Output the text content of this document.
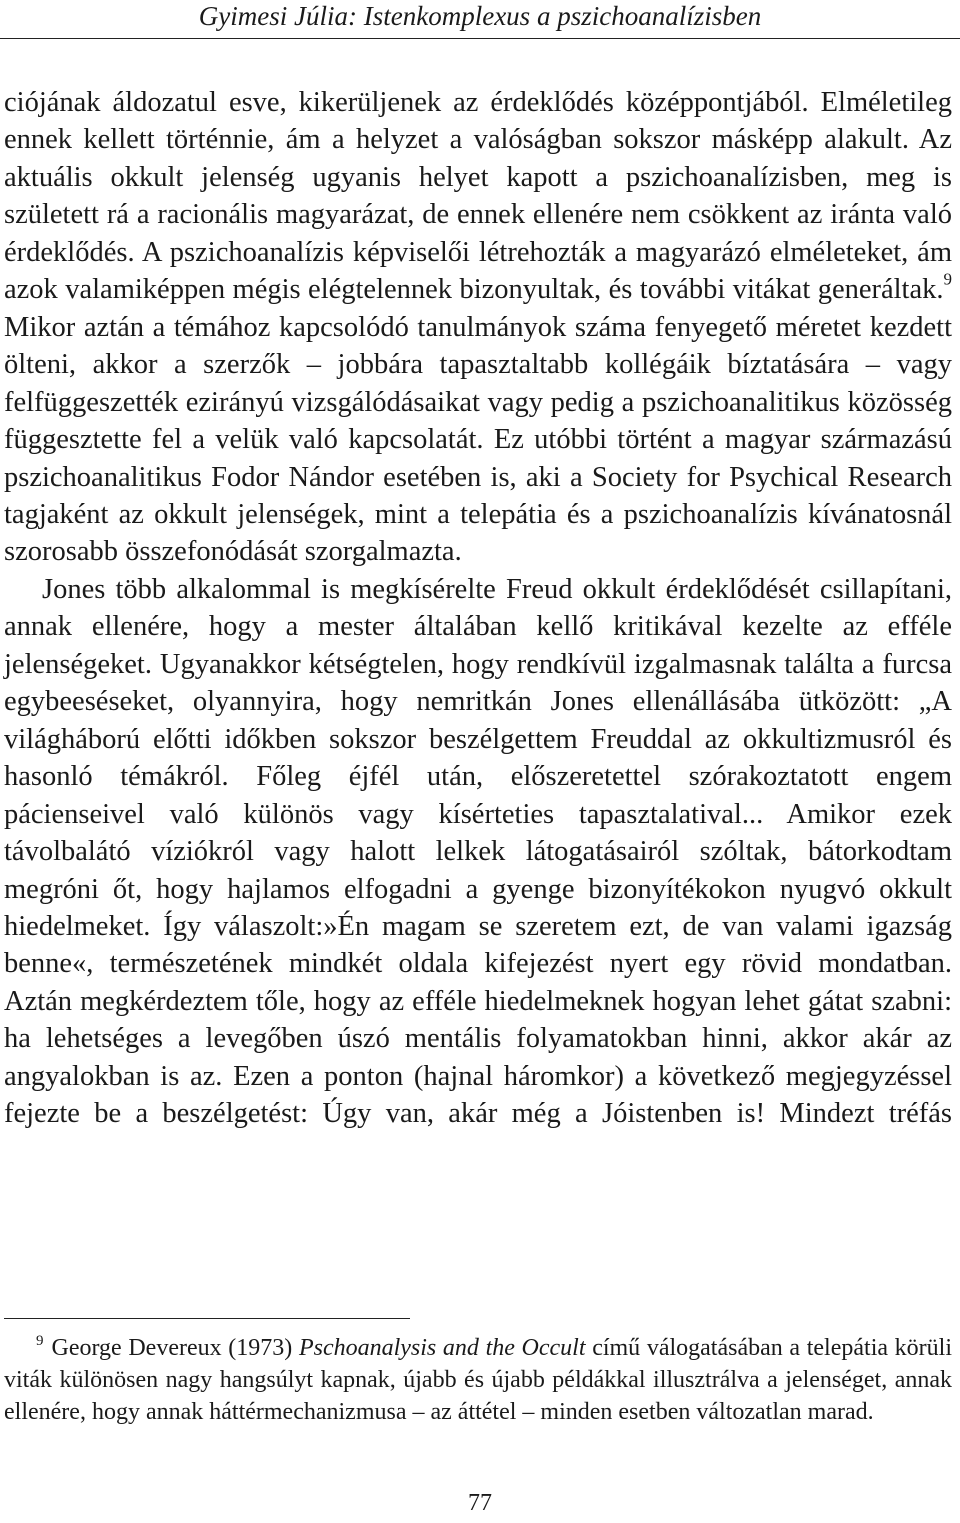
Gyimesi Júlia: Istenkomplexus a pszichoanalízisben

ciójának áldozatul esve, kikerüljenek az érdeklődés középpontjából. Elméletileg ennek kellett történnie, ám a helyzet a valóságban sokszor másképp alakult. Az aktuális okkult jelenség ugyanis helyet kapott a pszichoanalízisben, meg is született rá a racionális magyarázat, de ennek ellenére nem csökkent az iránta való érdeklődés. A pszichoanalízis képviselői létrehozták a magyarázó elméleteket, ám azok valamiképpen mégis elégtelennek bizonyultak, és további vitákat generáltak.$^9$ Mikor aztán a témához kapcsolódó tanulmányok száma fenyegető méretet kezdett ölteni, akkor a szerzők – jobbára tapasztaltabb kollégáik bíztatására – vagy felfüggeszették ezirányú vizsgálódásaikat vagy pedig a pszichoanalitikus közösség függesztette fel a velük való kapcsolatát. Ez utóbbi történt a magyar származású pszichoanalitikus Fodor Nándor esetében is, aki a Society for Psychical Research tagjaként az okkult jelenségek, mint a telepátia és a pszichoanalízis kívánatosnál szorosabb összefonódását szorgalmazta.

Jones több alkalommal is megkísérelte Freud okkult érdeklődését csillapítani, annak ellenére, hogy a mester általában kellő kritikával kezelte az efféle jelenségeket. Ugyanakkor kétségtelen, hogy rendkívül izgalmasnak találta a furcsa egybeeséseket, olyannyira, hogy nemritkán Jones ellenállásába ütközött: „A világháború előtti időkben sokszor beszélgettem Freuddal az okkultizmusról és hasonló témákról. Főleg éjfél után, előszeretettel szórakoztatott engem pácienseivel való különös vagy kísérteties tapasztalatival... Amikor ezek távolbalátó víziókról vagy halott lelkek látogatásairól szóltak, bátorkodtam megróni őt, hogy hajlamos elfogadni a gyenge bizonyítékokon nyugvó okkult hiedelmeket. Így válaszolt:»Én magam se szeretem ezt, de van valami igazság benne«, természetének mindkét oldala kifejezést nyert egy rövid mondatban. Aztán megkérdeztem tőle, hogy az efféle hiedelmeknek hogyan lehet gátat szabni: ha lehetséges a levegőben úszó mentális folyamatokban hinni, akkor akár az angyalokban is az. Ezen a ponton (hajnal háromkor) a következő megjegyzéssel fejezte be a beszélgetést: Úgy van, akár még a Jóistenben is! Mindezt tréfás

$^9$ George Devereux (1973) Pschoanalysis and the Occult című válogatásában a telepátia körüli viták különösen nagy hangsúlyt kapnak, újabb és újabb példákkal illusztrálva a jelenséget, annak ellenére, hogy annak háttérmechanizmusa – az áttétel – minden esetben változatlan marad.

77
